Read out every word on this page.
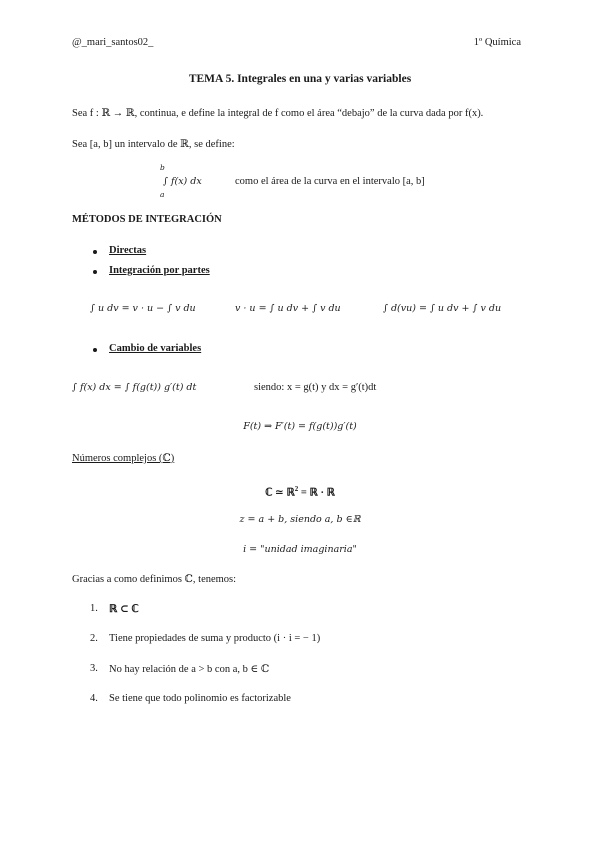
@_mari_santos02_	1º Química
TEMA 5. Integrales en una y varias variables
Sea f : ℝ → ℝ, continua, e define la integral de f como el área “debajo” de la curva dada por f(x).
Sea [a, b] un intervalo de ℝ, se define:
b
∫ f(x) dx
a
como el área de la curva en el intervalo [a, b]
MÉTODOS DE INTEGRACIÓN
Directas
Integración por partes
∫ u dv = v · u − ∫ v du	v · u = ∫ u dv + ∫ v du	∫ d(vu) = ∫ u dv + ∫ v du
Cambio de variables
∫ f(x) dx = ∫ f(g(t)) g′(t) dt	siendo: x = g(t) y dx = g′(t)dt
F(t) ⇒ F′(t) = f(g(t))g′(t)
Números complejos (ℂ)
ℂ ≃ ℝ$^2$ = ℝ · ℝ
z = a + b, siendo a, b ∈ℝ
i = "unidad imaginaria"
Gracias a como definimos ℂ, tenemos:
1. ℝ ⊂ ℂ
2. Tiene propiedades de suma y producto (i · i = − 1)
3. No hay relación de a > b con a, b ∈ ℂ
4. Se tiene que todo polinomio es factorizable
